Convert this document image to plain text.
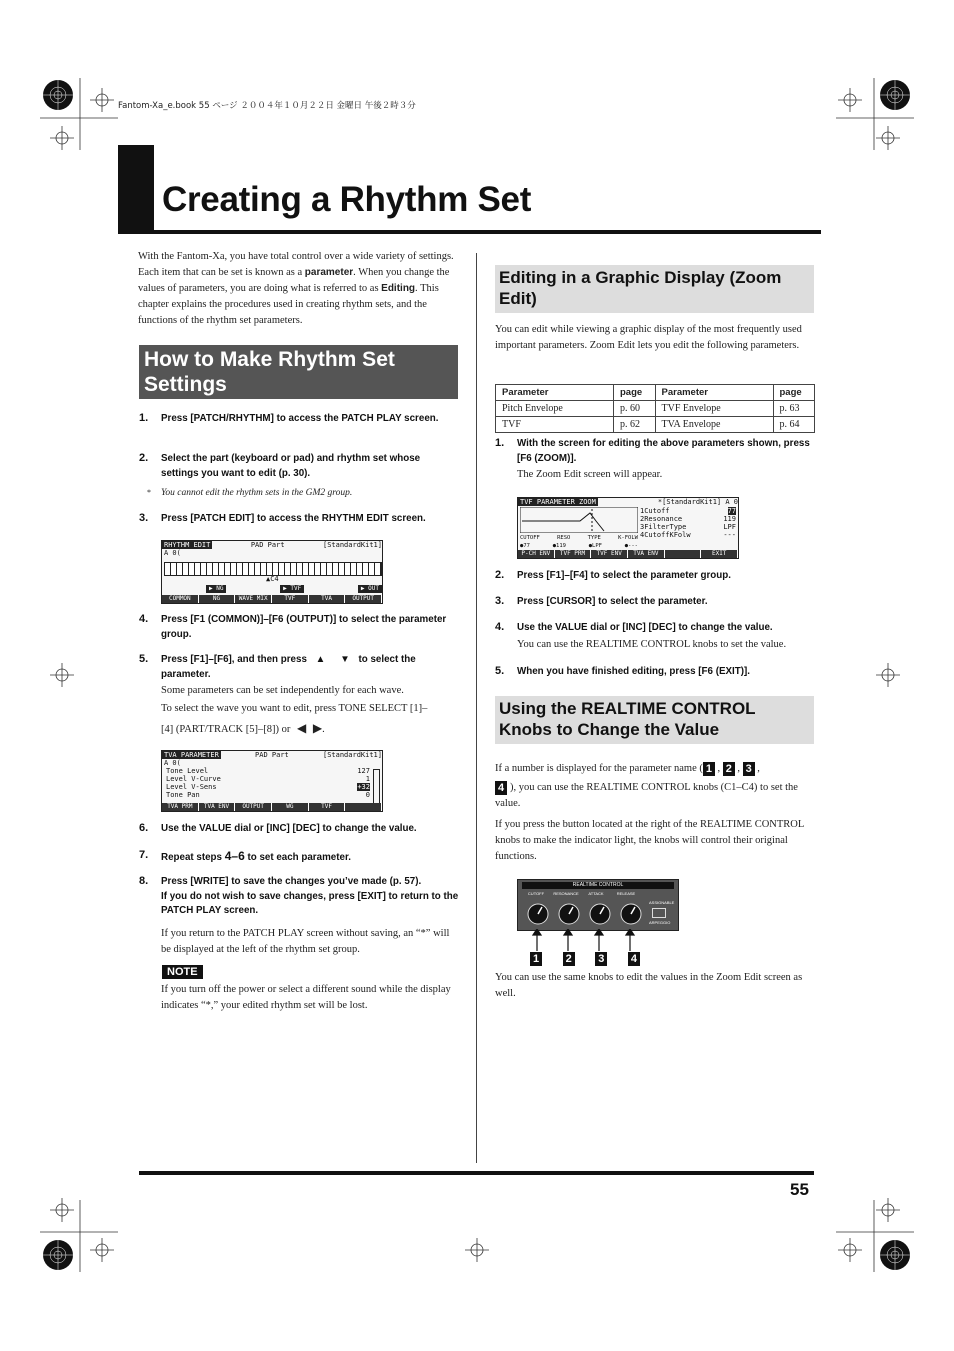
Fantom-Xa_e.book 55 ページ ２００４年１０月２２日 金曜日 午後２時３分
Creating a Rhythm Set
With the Fantom-Xa, you have total control over a wide variety of settings. Each item that can be set is known as a parameter. When you change the values of parameters, you are doing what is referred to as Editing. This chapter explains the procedures used in creating rhythm sets, and the functions of the rhythm set parameters.
How to Make Rhythm Set Settings
1. Press [PATCH/RHYTHM] to access the PATCH PLAY screen.
2. Select the part (keyboard or pad) and rhythm set whose settings you want to edit (p. 30).
* You cannot edit the rhythm sets in the GM2 group.
3. Press [PATCH EDIT] to access the RHYTHM EDIT screen.
RHYTHM EDIT	PAD Part	[StandardKit1]
A 0(
▲C4
▶ NG	▶ TVF	▶ OUT
COMMON	NG	WAVE MIX	TVF	TVA	OUTPUT
4. Press [F1 (COMMON)]–[F6 (OUTPUT)] to select the parameter group.
5. Press [F1]–[F6], and then press ▲ ▼ to select the
parameter.
Some parameters can be set independently for each wave.
To select the wave you want to edit, press TONE SELECT [1]–
[4] (PART/TRACK [5]–[8]) or ◀ ▶.
TVA PARAMETER	PAD Part	[StandardKit1]
A 0(
Tone Level	127
Level V-Curve	1
Level V-Sens	+32
Tone Pan	0
TVA PRM	TVA ENV	OUTPUT	WG	TVF
6. Use the VALUE dial or [INC] [DEC] to change the value.
7. Repeat steps 4–6 to set each parameter.
8. Press [WRITE] to save the changes you’ve made (p. 57).
If you do not wish to save changes, press [EXIT] to return to the PATCH PLAY screen.
If you return to the PATCH PLAY screen without saving, an “*” will be displayed at the left of the rhythm set group.
NOTE
If you turn off the power or select a different sound while the display indicates “*,” your edited rhythm set will be lost.
Editing in a Graphic Display (Zoom Edit)
You can edit while viewing a graphic display of the most frequently used important parameters. Zoom Edit lets you edit the following parameters.
Parameter	page	Parameter	page
Pitch Envelope	p. 60	TVF Envelope	p. 63
TVF	p. 62	TVA Envelope	p. 64
1. With the screen for editing the above parameters shown, press [F6 (ZOOM)].
The Zoom Edit screen will appear.
TVF PARAMETER ZOOM	*[StandardKit1] A 0
1Cutoff	77
2Resonance	119
3FilterType	LPF
4CutoffKFolw	---
CUTOFF	RESO	TYPE	K-FOLW
●77	●119	●LPF	●---
P-CH ENV	TVF PRM	TVF ENV	TVA ENV	EXIT
2. Press [F1]–[F4] to select the parameter group.
3. Press [CURSOR] to select the parameter.
4. Use the VALUE dial or [INC] [DEC] to change the value.
You can use the REALTIME CONTROL knobs to set the value.
5. When you have finished editing, press [F6 (EXIT)].
Using the REALTIME CONTROL Knobs to Change the Value
If a number is displayed for the parameter name ( 1 , 2 , 3 ,
4 ), you can use the REALTIME CONTROL knobs (C1–C4) to set the value.
If you press the button located at the right of the REALTIME CONTROL knobs to make the indicator light, the knobs will control their original functions.
REALTIME CONTROL
CUTOFF	RESONANCE	ATTACK	RELEASE
ASSIGNABLE
ARPEGGIO
1 2 3 4
You can use the same knobs to edit the values in the Zoom Edit screen as well.
55
